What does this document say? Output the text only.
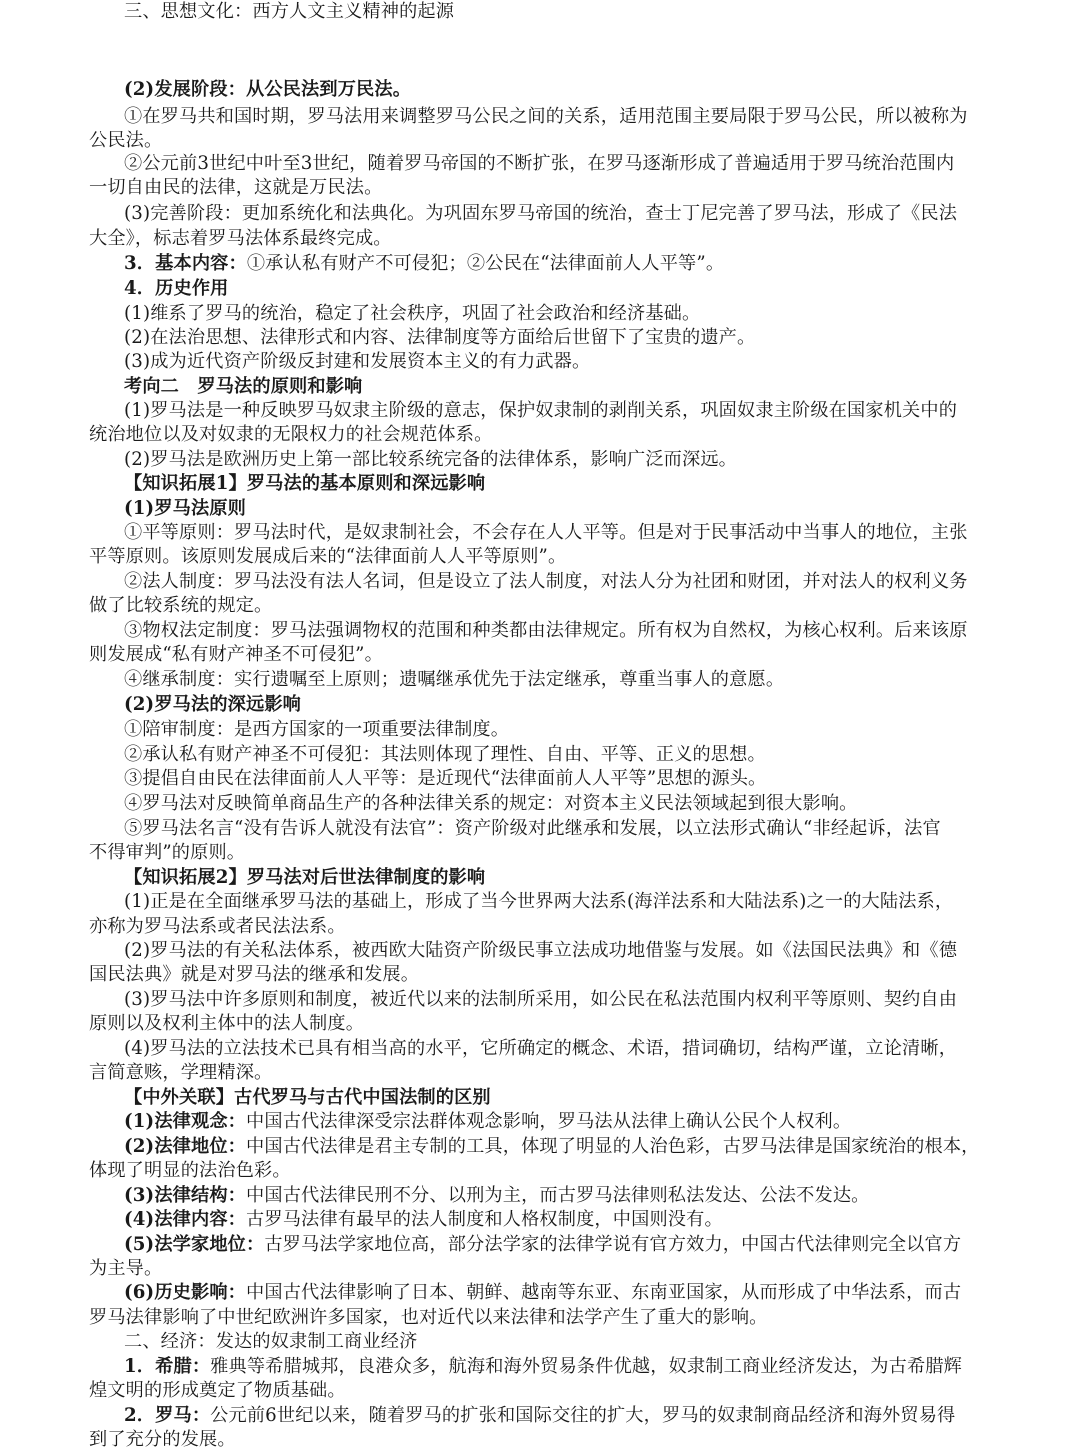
(2)发展阶段：从公民法到万民法。
①在罗马共和国时期，罗马法用来调整罗马公民之间的关系，适用范围主要局限于罗马公民，所以被称为
公民法。
②公元前3世纪中叶至3世纪，随着罗马帝国的不断扩张，在罗马逐渐形成了普遍适用于罗马统治范围内
一切自由民的法律，这就是万民法。
(3)完善阶段：更加系统化和法典化。为巩固东罗马帝国的统治，查士丁尼完善了罗马法，形成了《民法
大全》，标志着罗马法体系最终完成。
3．基本内容：①承认私有财产不可侵犯；②公民在“法律面前人人平等”。
4．历史作用
(1)维系了罗马的统治，稳定了社会秩序，巩固了社会政治和经济基础。
(2)在法治思想、法律形式和内容、法律制度等方面给后世留下了宝贵的遗产。
(3)成为近代资产阶级反封建和发展资本主义的有力武器。
考向二　罗马法的原则和影响
(1)罗马法是一种反映罗马奴隶主阶级的意志，保护奴隶制的剥削关系，巩固奴隶主阶级在国家机关中的
统治地位以及对奴隶的无限权力的社会规范体系。
(2)罗马法是欧洲历史上第一部比较系统完备的法律体系，影响广泛而深远。
【知识拓展1】罗马法的基本原则和深远影响
(1)罗马法原则
①平等原则：罗马法时代，是奴隶制社会，不会存在人人平等。但是对于民事活动中当事人的地位，主张
平等原则。该原则发展成后来的“法律面前人人平等原则”。
②法人制度：罗马法没有法人名词，但是设立了法人制度，对法人分为社团和财团，并对法人的权利义务
做了比较系统的规定。
③物权法定制度：罗马法强调物权的范围和种类都由法律规定。所有权为自然权，为核心权利。后来该原
则发展成“私有财产神圣不可侵犯”。
④继承制度：实行遗嘱至上原则；遗嘱继承优先于法定继承，尊重当事人的意愿。
(2)罗马法的深远影响
①陪审制度：是西方国家的一项重要法律制度。
②承认私有财产神圣不可侵犯：其法则体现了理性、自由、平等、正义的思想。
③提倡自由民在法律面前人人平等：是近现代“法律面前人人平等”思想的源头。
④罗马法对反映简单商品生产的各种法律关系的规定：对资本主义民法领域起到很大影响。
⑤罗马法名言“没有告诉人就没有法官”：资产阶级对此继承和发展，以立法形式确认“非经起诉，法官
不得审判”的原则。
【知识拓展2】罗马法对后世法律制度的影响
(1)正是在全面继承罗马法的基础上，形成了当今世界两大法系(海洋法系和大陆法系)之一的大陆法系，
亦称为罗马法系或者民法法系。
(2)罗马法的有关私法体系，被西欧大陆资产阶级民事立法成功地借鉴与发展。如《法国民法典》和《德
国民法典》就是对罗马法的继承和发展。
(3)罗马法中许多原则和制度，被近代以来的法制所采用，如公民在私法范围内权利平等原则、契约自由
原则以及权利主体中的法人制度。
(4)罗马法的立法技术已具有相当高的水平，它所确定的概念、术语，措词确切，结构严谨，立论清晰，
言简意赅，学理精深。
【中外关联】古代罗马与古代中国法制的区别
(1)法律观念：中国古代法律深受宗法群体观念影响，罗马法从法律上确认公民个人权利。
(2)法律地位：中国古代法律是君主专制的工具，体现了明显的人治色彩，古罗马法律是国家统治的根本，
体现了明显的法治色彩。
(3)法律结构：中国古代法律民刑不分、以刑为主，而古罗马法律则私法发达、公法不发达。
(4)法律内容：古罗马法律有最早的法人制度和人格权制度，中国则没有。
(5)法学家地位：古罗马法学家地位高，部分法学家的法律学说有官方效力，中国古代法律则完全以官方
为主导。
(6)历史影响：中国古代法律影响了日本、朝鲜、越南等东亚、东南亚国家，从而形成了中华法系，而古
罗马法律影响了中世纪欧洲许多国家，也对近代以来法律和法学产生了重大的影响。
二、经济：发达的奴隶制工商业经济
1．希腊：雅典等希腊城邦，良港众多，航海和海外贸易条件优越，奴隶制工商业经济发达，为古希腊辉
煌文明的形成奠定了物质基础。
2．罗马：公元前6世纪以来，随着罗马的扩张和国际交往的扩大，罗马的奴隶制商品经济和海外贸易得
到了充分的发展。
三、思想文化：西方人文主义精神的起源
